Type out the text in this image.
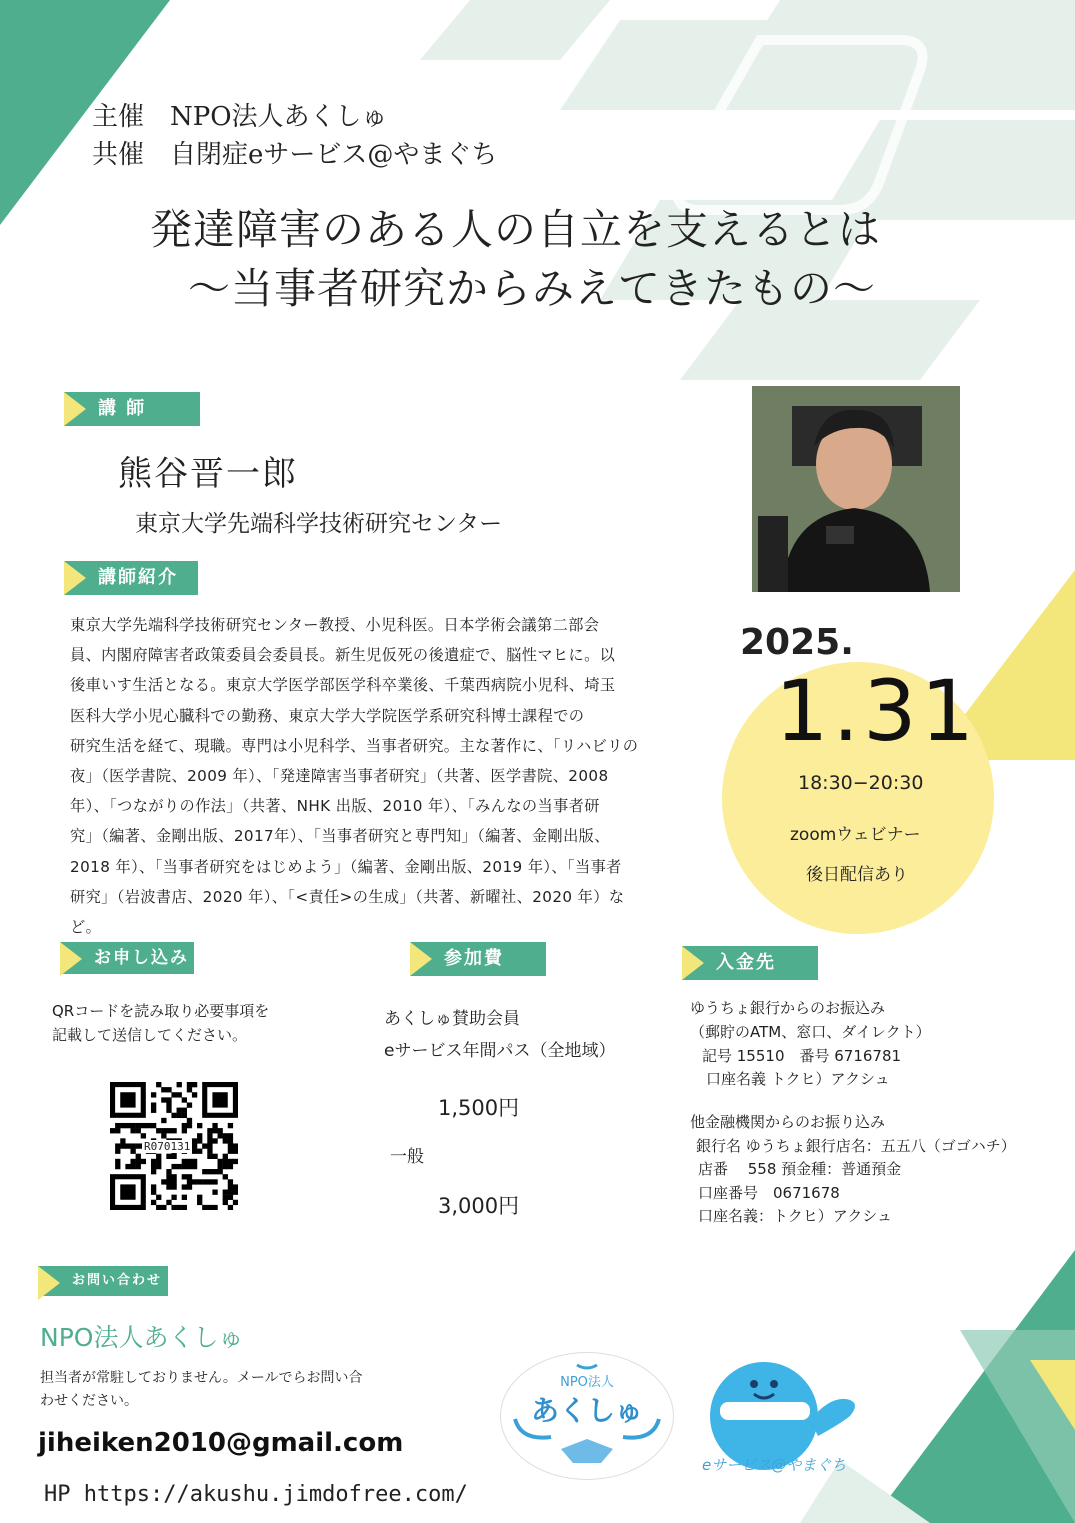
主催　NPO法人あくしゅ
共催　自閉症eサービス@やまぐち
発達障害のある人の自立を支えるとは
～当事者研究からみえてきたもの～
講 師
熊谷晋一郎
東京大学先端科学技術研究センター
講師紹介
東京大学先端科学技術研究センター教授、小児科医。日本学術会議第二部会
員、内閣府障害者政策委員会委員長。新生児仮死の後遺症で、脳性マヒに。以
後車いす生活となる。東京大学医学部医学科卒業後、千葉西病院小児科、埼玉
医科大学小児心臓科での勤務、東京大学大学院医学系研究科博士課程での
研究生活を経て、現職。専門は小児科学、当事者研究。主な著作に、「リハビリの
夜」（医学書院、2009 年）、「発達障害当事者研究」（共著、医学書院、2008
年）、「つながりの作法」（共著、NHK 出版、2010 年）、「みんなの当事者研
究」（編著、金剛出版、2017年）、「当事者研究と専門知」（編著、金剛出版、
2018 年）、「当事者研究をはじめよう」（編著、金剛出版、2019 年）、「当事者
研究」（岩波書店、2020 年）、「<責任>の生成」（共著、新曜社、2020 年）な
ど。
2025.
1.31
18:30−20:30
zoomウェビナー
後日配信あり
お申し込み
QRコードを読み取り必要事項を
記載して送信してください。
R070131
参加費
あくしゅ賛助会員
eサービス年間パス（全地域）
1,500円
一般
3,000円
入金先
ゆうちょ銀行からのお振込み
（郵貯のATM、窓口、ダイレクト）
記号 15510　番号 6716781
口座名義 トクヒ）アクシュ
他金融機関からのお振り込み
銀行名 ゆうちょ銀行店名：五五八（ゴゴハチ）
店番　 558 預金種：普通預金
口座番号　0671678
口座名義：トクヒ）アクシュ
お問い合わせ
NPO法人あくしゅ
担当者が常駐しておりません。メールでらお問い合
わせください。
jiheiken2010@gmail.com
HP https://akushu.jimdofree.com/
NPO法人
あくしゅ
eサービス@やまぐち
